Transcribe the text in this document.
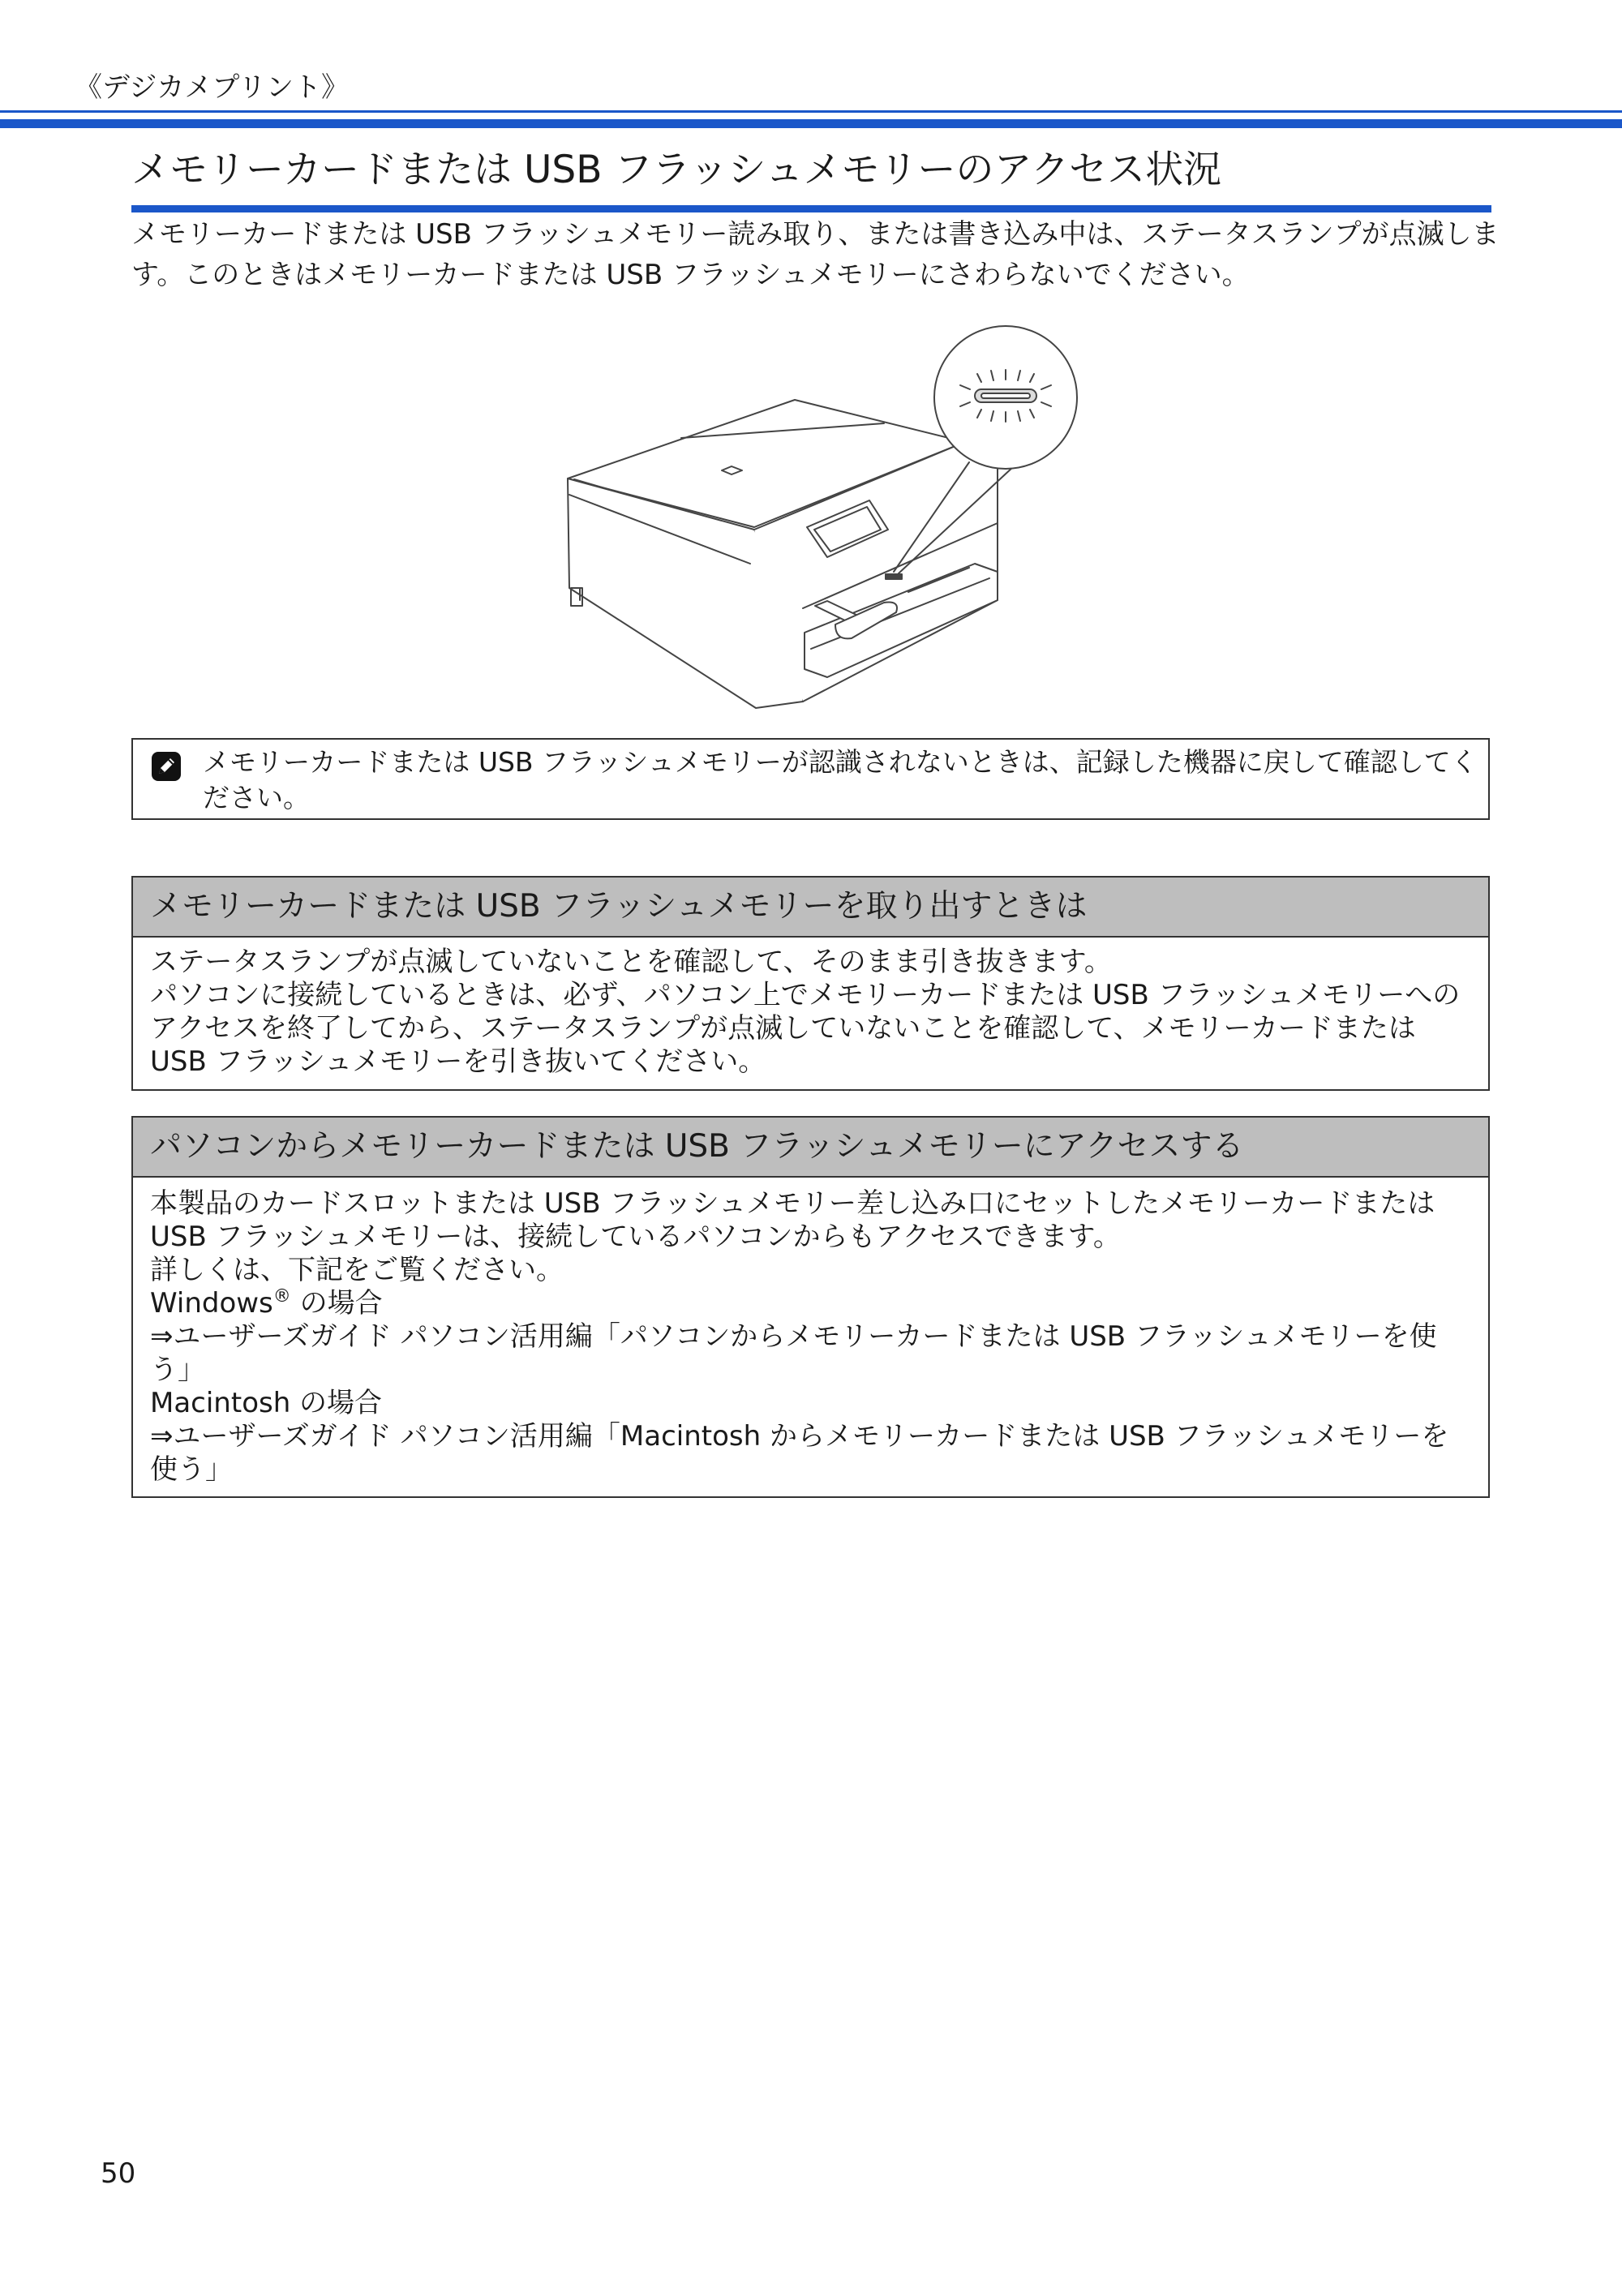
《デジカメプリント》
メモリーカードまたは USB フラッシュメモリーのアクセス状況

メモリーカードまたは USB フラッシュメモリー読み取り、または書き込み中は、ステータスランプが点滅します。このときはメモリーカードまたは USB フラッシュメモリーにさわらないでください。

メモリーカードまたは USB フラッシュメモリーが認識されないときは、記録した機器に戻して確認してください。
メモリーカードまたは USB フラッシュメモリーを取り出すときは

ステータスランプが点滅していないことを確認して、そのまま引き抜きます。

パソコンに接続しているときは、必ず、パソコン上でメモリーカードまたは USB フラッシュメモリーへのアクセスを終了してから、ステータスランプが点滅していないことを確認して、メモリーカードまたは USB フラッシュメモリーを引き抜いてください。

パソコンからメモリーカードまたは USB フラッシュメモリーにアクセスする

本製品のカードスロットまたは USB フラッシュメモリー差し込み口にセットしたメモリーカードまたは USB フラッシュメモリーは、接続しているパソコンからもアクセスできます。

詳しくは、下記をご覧ください。

Windows® の場合

⇒ユーザーズガイド パソコン活用編「パソコンからメモリーカードまたは USB フラッシュメモリーを使う」

Macintosh の場合

⇒ユーザーズガイド パソコン活用編「Macintosh からメモリーカードまたは USB フラッシュメモリーを使う」

50
